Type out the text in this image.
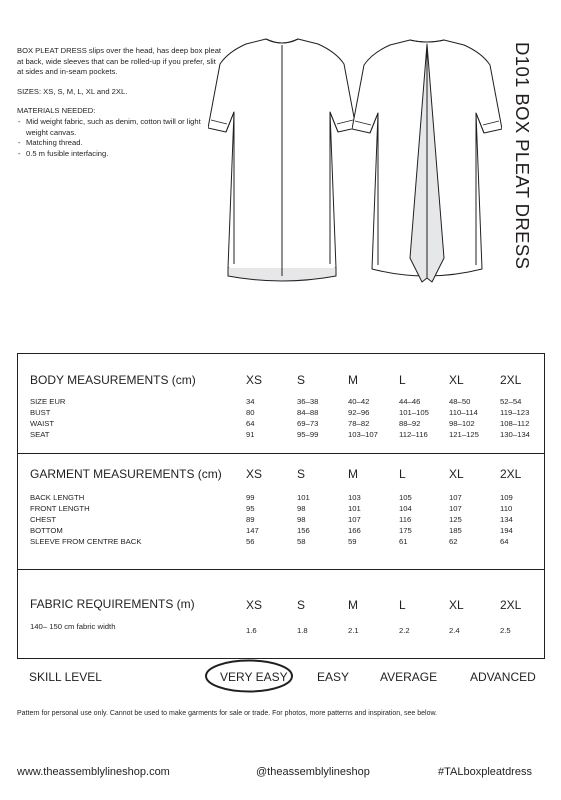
BOX PLEAT DRESS slips over the head, has deep box pleat at back, wide sleeves that can be rolled-up if you prefer, slit at sides and in-seam pockets.

SIZES: XS, S, M, L, XL and 2XL.

MATERIALS NEEDED:

- Mid weight fabric, such as denim, cotton twill or light weight canvas.
- Matching thread.
- 0.5 m fusible interfacing.	D101 BOX PLEAT DRESS
BODY MEASUREMENTS (cm)	XS	S	M	L	XL	2XL
SIZE EUR	34	36–38	40–42	44–46	48–50	52–54
BUST	80	84–88	92–96	101–105	110–114	119–123
WAIST	64	69–73	78–82	88–92	98–102	108–112
SEAT	91	95–99	103–107	112–116	121–125	130–134
GARMENT MEASUREMENTS (cm) XS	S	M	L	XL	2XL
BACK LENGTH	99	101	103	105	107	109
FRONT LENGTH	95	98	101	104	107	110
CHEST	89	98	107	116	125	134
BOTTOM	147	156	166	175	185	194
SLEEVE FROM CENTRE BACK	56	58	59	61	62	64
FABRIC REQUIREMENTS (m)	XS	S	M	L	XL	2XL
140– 150 cm fabric width	1.6	1.8	2.1	2.2	2.4	2.5
SKILL LEVEL	VERY EASY EASY	AVERAGE	ADVANCED
Pattern for personal use only. Cannot be used to make garments for sale or trade. For photos, more patterns and inspiration, see below.
www.theassemblylineshop.com	@theassemblylineshop	#TALboxpleatdress
